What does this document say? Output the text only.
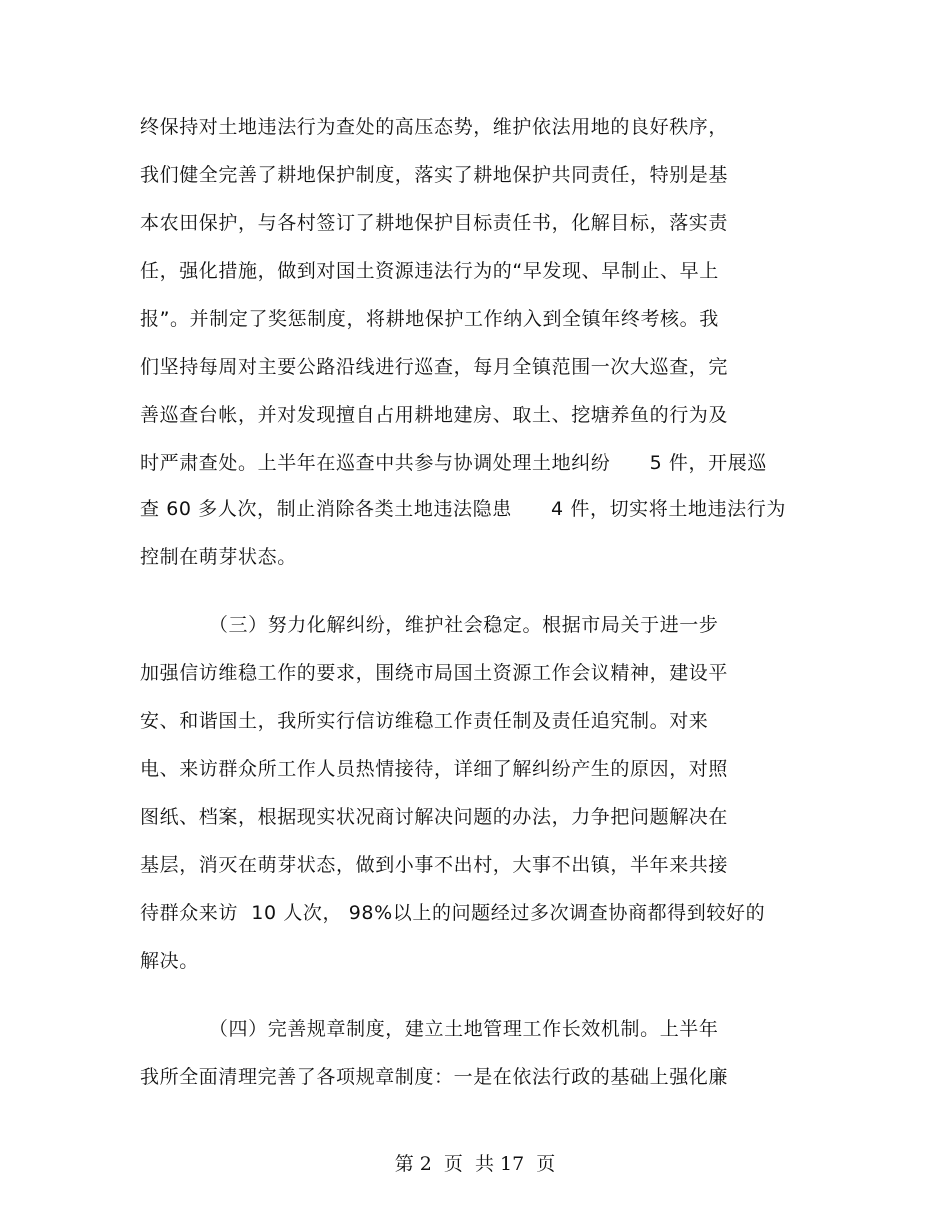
终保持对土地违法行为查处的高压态势，维护依法用地的良好秩序，
我们健全完善了耕地保护制度，落实了耕地保护共同责任，特别是基
本农田保护，与各村签订了耕地保护目标责任书，化解目标，落实责
任，强化措施，做到对国土资源违法行为的“早发现、早制止、早上
报”。并制定了奖惩制度，将耕地保护工作纳入到全镇年终考核。我
们坚持每周对主要公路沿线进行巡查，每月全镇范围一次大巡查，完
善巡查台帐，并对发现擅自占用耕地建房、取土、挖塘养鱼的行为及
时严肃查处。上半年在巡查中共参与协调处理土地纠纷　　5 件，开展巡
查 60 多人次，制止消除各类土地违法隐患　　4 件，切实将土地违法行为
控制在萌芽状态。
　　　　（三）努力化解纠纷，维护社会稳定。根据市局关于进一步
加强信访维稳工作的要求，围绕市局国土资源工作会议精神，建设平
安、和谐国土，我所实行信访维稳工作责任制及责任追究制。对来
电、来访群众所工作人员热情接待，详细了解纠纷产生的原因，对照
图纸、档案，根据现实状况商讨解决问题的办法，力争把问题解决在
基层，消灭在萌芽状态，做到小事不出村，大事不出镇，半年来共接
待群众来访  10 人次， 98%以上的问题经过多次调查协商都得到较好的
解决。
　　　　（四）完善规章制度，建立土地管理工作长效机制。上半年
我所全面清理完善了各项规章制度：一是在依法行政的基础上强化廉
第 2  页  共 17  页
